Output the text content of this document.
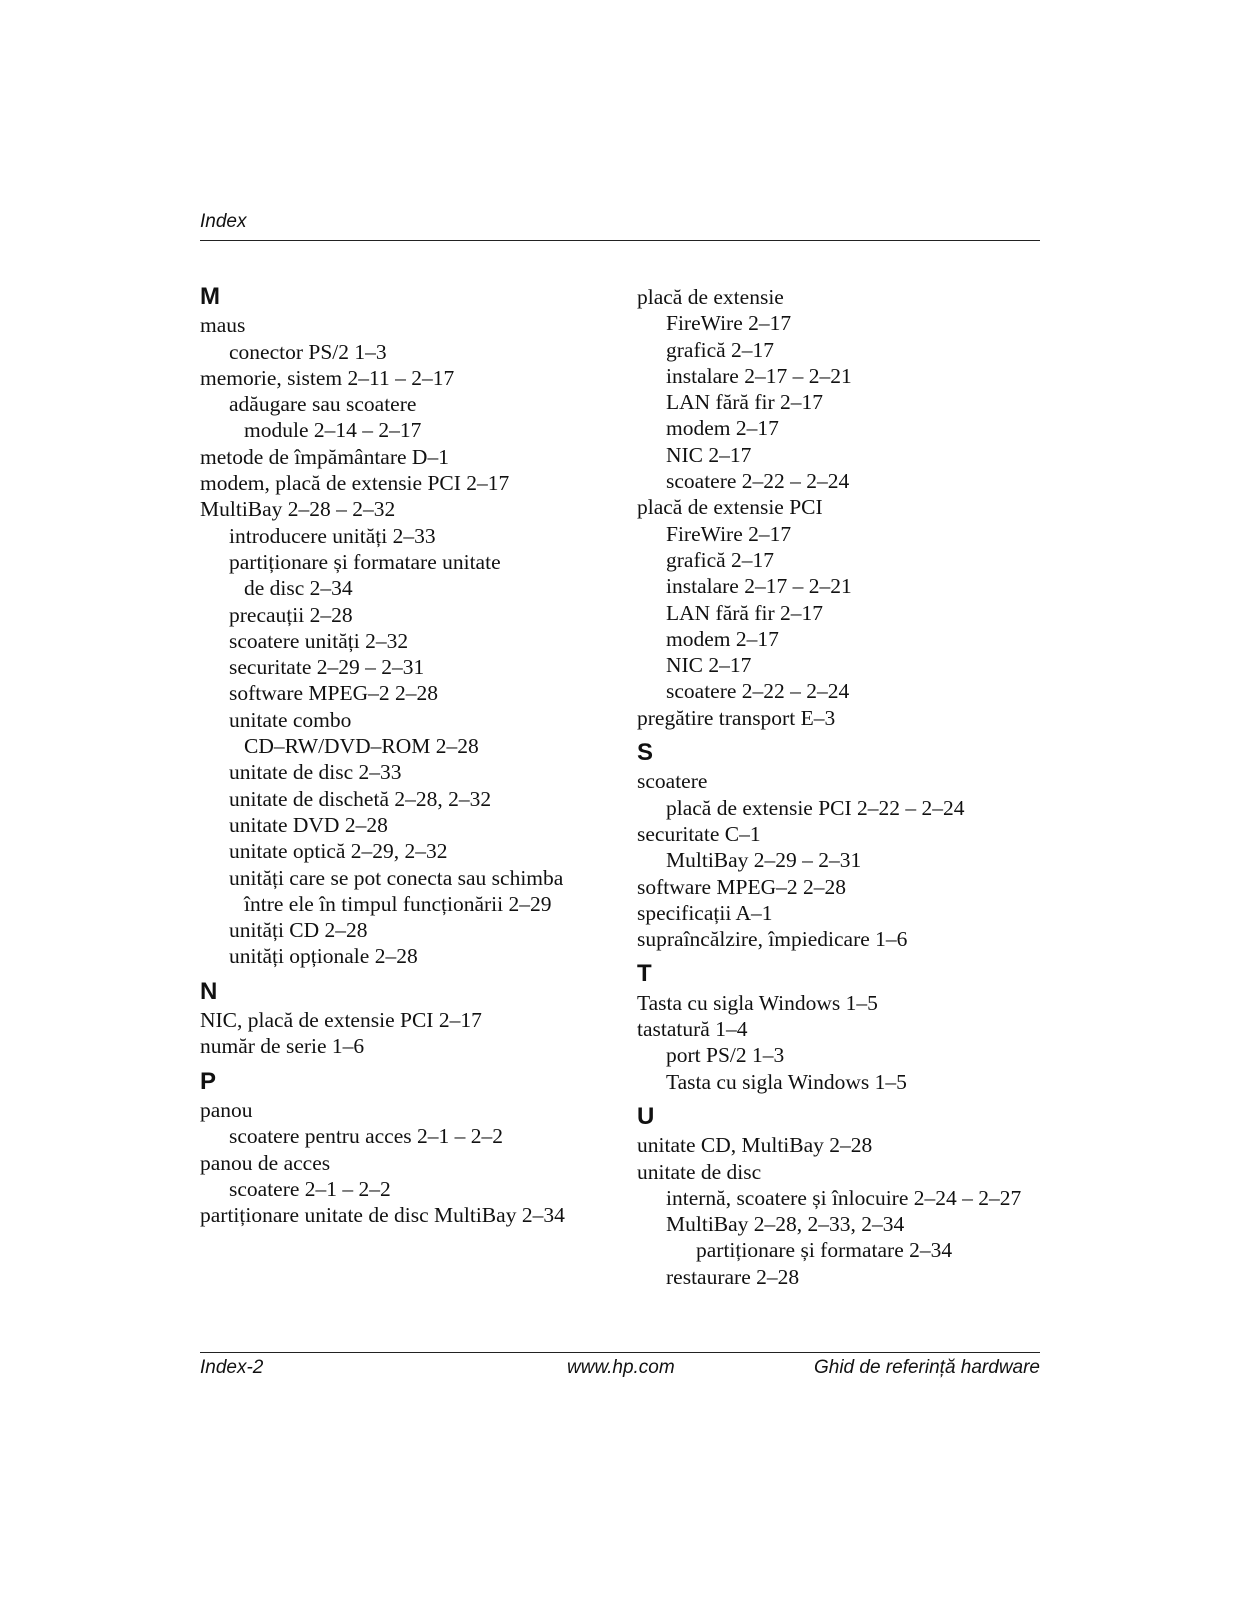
Index
M
maus
conector PS/2 1–3
memorie, sistem 2–11 – 2–17
adăugare sau scoatere
module 2–14 – 2–17
metode de împământare D–1
modem, placă de extensie PCI 2–17
MultiBay 2–28 – 2–32
introducere unități 2–33
partiționare și formatare unitate
de disc 2–34
precauții 2–28
scoatere unități 2–32
securitate 2–29 – 2–31
software MPEG–2 2–28
unitate combo
CD–RW/DVD–ROM 2–28
unitate de disc 2–33
unitate de dischetă 2–28, 2–32
unitate DVD 2–28
unitate optică 2–29, 2–32
unități care se pot conecta sau schimba
între ele în timpul funcționării 2–29
unități CD 2–28
unități opționale 2–28
N
NIC, placă de extensie PCI 2–17
număr de serie 1–6
P
panou
scoatere pentru acces 2–1 – 2–2
panou de acces
scoatere 2–1 – 2–2
partiționare unitate de disc MultiBay 2–34
placă de extensie
FireWire 2–17
grafică 2–17
instalare 2–17 – 2–21
LAN fără fir 2–17
modem 2–17
NIC 2–17
scoatere 2–22 – 2–24
placă de extensie PCI
FireWire 2–17
grafică 2–17
instalare 2–17 – 2–21
LAN fără fir 2–17
modem 2–17
NIC 2–17
scoatere 2–22 – 2–24
pregătire transport E–3
S
scoatere
placă de extensie PCI 2–22 – 2–24
securitate C–1
MultiBay 2–29 – 2–31
software MPEG–2 2–28
specificații A–1
supraîncălzire, împiedicare 1–6
T
Tasta cu sigla Windows 1–5
tastatură 1–4
port PS/2 1–3
Tasta cu sigla Windows 1–5
U
unitate CD, MultiBay 2–28
unitate de disc
internă, scoatere și înlocuire 2–24 – 2–27
MultiBay 2–28, 2–33, 2–34
partiționare și formatare 2–34
restaurare 2–28
Index-2	www.hp.com	Ghid de referință hardware
